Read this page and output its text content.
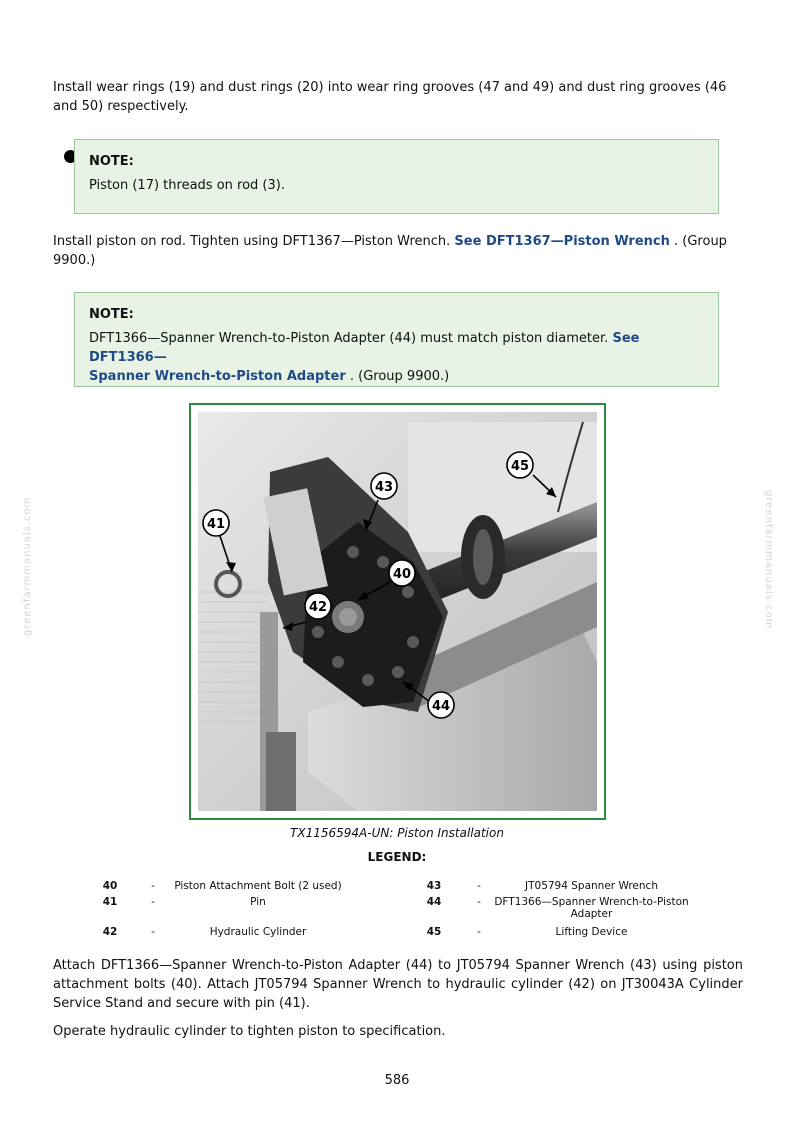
Install wear rings (19) and dust rings (20) into wear ring grooves (47 and 49) and dust ring grooves (46 and 50) respectively.

NOTE:
Piston (17) threads on rod (3).

Install piston on rod. Tighten using DFT1367—Piston Wrench. See DFT1367—Piston Wrench . (Group 9900.)

NOTE:
DFT1366—Spanner Wrench-to-Piston Adapter (44) must match piston diameter. See DFT1366—
Spanner Wrench-to-Piston Adapter . (Group 9900.)
41
42
43
40
44
45
TX1156594A-UN: Piston Installation
LEGEND:
40	-	Piston Attachment Bolt (2 used)
41	-	Pin
42	-	Hydraulic Cylinder
43	-	JT05794 Spanner Wrench
44	-	DFT1366—Spanner Wrench-to-Piston
Adapter
45	-	Lifting Device

Attach DFT1366—Spanner Wrench-to-Piston Adapter (44) to JT05794 Spanner Wrench (43) using piston attachment bolts (40). Attach JT05794 Spanner Wrench to hydraulic cylinder (42) on JT30043A Cylinder Service Stand and secure with pin (41).

Operate hydraulic cylinder to tighten piston to specification.

586
greenfarmmanuals.com	greenfarmmanuals.com
